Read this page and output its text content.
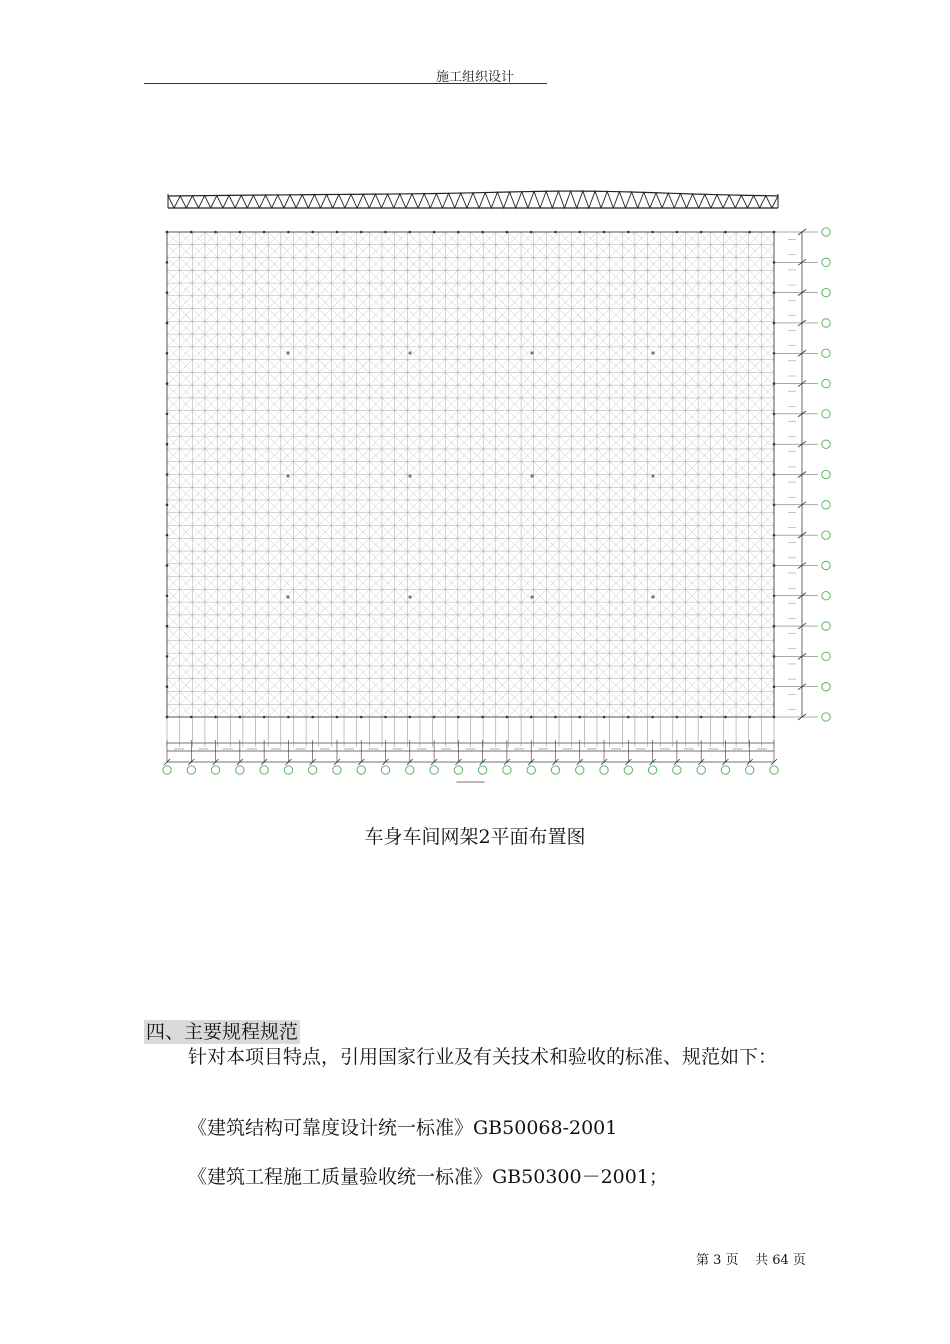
施工组织设计
车身车间网架2平面布置图
四、主要规程规范
针对本项目特点，引用国家行业及有关技术和验收的标准、规范如下：
《建筑结构可靠度设计统一标准》GB50068-2001
《建筑工程施工质量验收统一标准》GB50300－2001；
第 3 页    共 64 页
